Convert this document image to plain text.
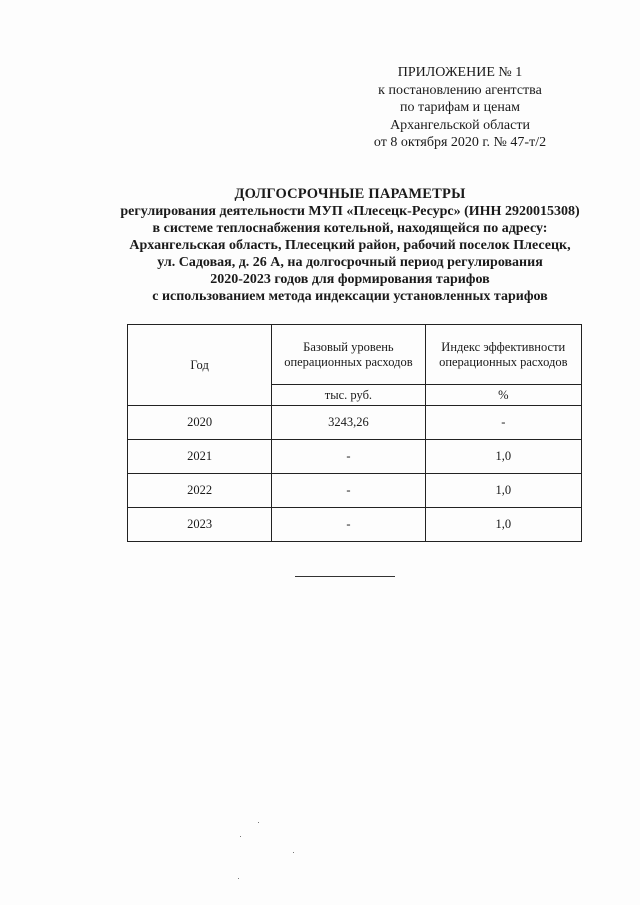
ПРИЛОЖЕНИЕ № 1
к постановлению агентства
по тарифам и ценам
Архангельской области
от 8 октября 2020 г. № 47-т/2
ДОЛГОСРОЧНЫЕ ПАРАМЕТРЫ
регулирования деятельности МУП «Плесецк-Ресурс» (ИНН 2920015308)
в системе теплоснабжения котельной, находящейся по адресу:
Архангельская область, Плесецкий район, рабочий поселок Плесецк,
ул. Садовая, д. 26 А, на долгосрочный период регулирования
2020-2023 годов для формирования тарифов
с использованием метода индексации установленных тарифов
Год	Базовый уровень операционных расходов	Индекс эффективности операционных расходов
	тыс. руб.	%
2020	3243,26	-
2021	-	1,0
2022	-	1,0
2023	-	1,0
